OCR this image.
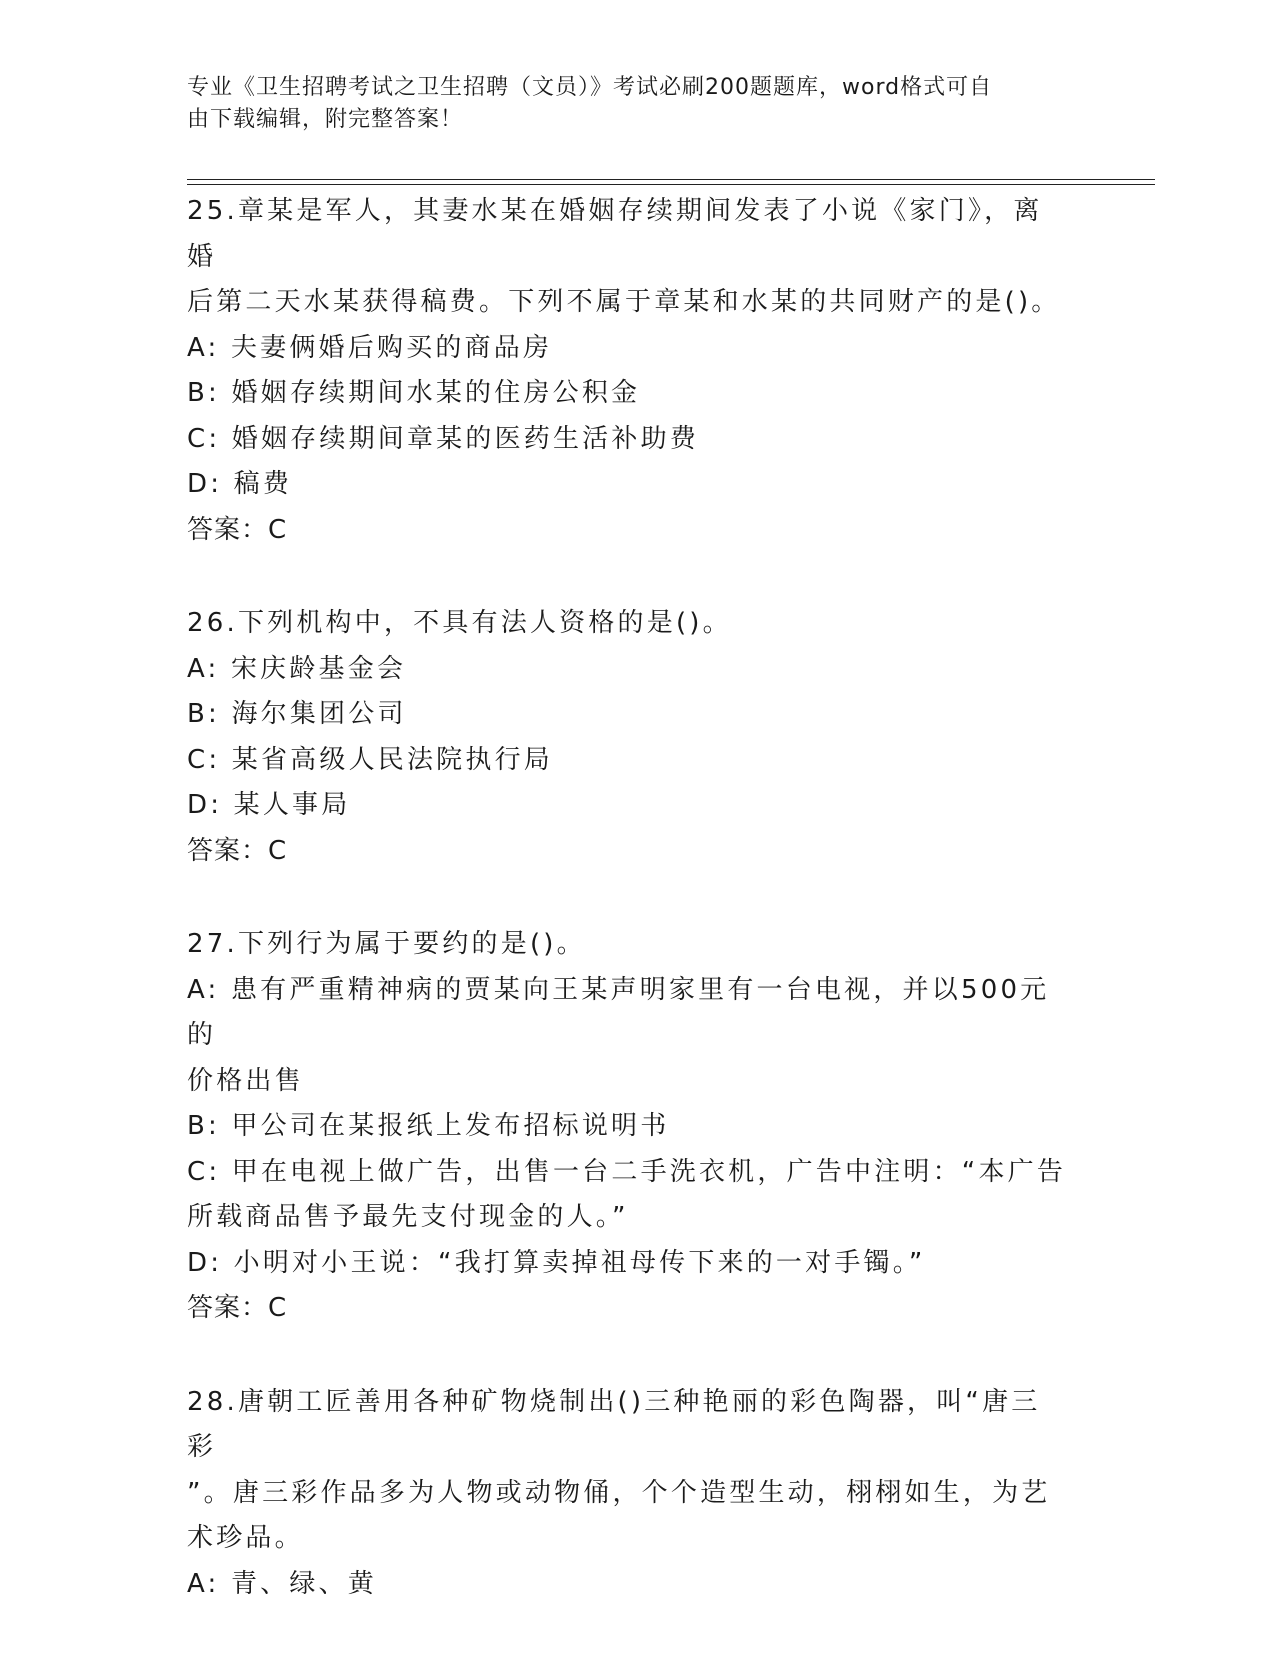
专业《卫生招聘考试之卫生招聘（文员）》考试必刷200题题库，word格式可自
由下载编辑，附完整答案！
25.章某是军人，其妻水某在婚姻存续期间发表了小说《家门》，离婚
后第二天水某获得稿费。下列不属于章某和水某的共同财产的是()。
A: 夫妻俩婚后购买的商品房
B: 婚姻存续期间水某的住房公积金
C: 婚姻存续期间章某的医药生活补助费
D: 稿费
答案：C
26.下列机构中，不具有法人资格的是()。
A: 宋庆龄基金会
B: 海尔集团公司
C: 某省高级人民法院执行局
D: 某人事局
答案：C
27.下列行为属于要约的是()。
A: 患有严重精神病的贾某向王某声明家里有一台电视，并以500元的
价格出售
B: 甲公司在某报纸上发布招标说明书
C: 甲在电视上做广告，出售一台二手洗衣机，广告中注明：“本广告
所载商品售予最先支付现金的人。”
D: 小明对小王说：“我打算卖掉祖母传下来的一对手镯。”
答案：C
28.唐朝工匠善用各种矿物烧制出()三种艳丽的彩色陶器，叫“唐三彩
”。唐三彩作品多为人物或动物俑，个个造型生动，栩栩如生，为艺
术珍品。
A: 青、绿、黄
